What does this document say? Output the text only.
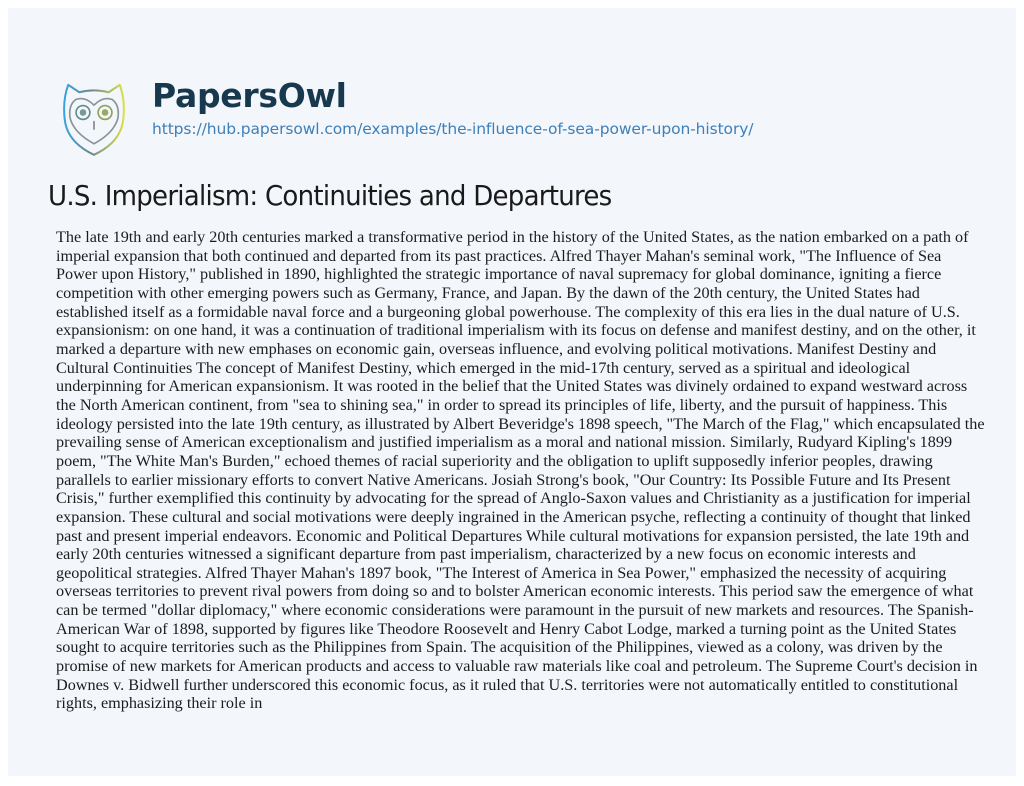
PapersOwl
https://hub.papersowl.com/examples/the-influence-of-sea-power-upon-history/
U.S. Imperialism: Continuities and Departures

The late 19th and early 20th centuries marked a transformative period in the history of the United States, as the nation embarked on a path of imperial expansion that both continued and departed from its past practices. Alfred Thayer Mahan's seminal work, "The Influence of Sea Power upon History," published in 1890, highlighted the strategic importance of naval supremacy for global dominance, igniting a fierce competition with other emerging powers such as Germany, France, and Japan. By the dawn of the 20th century, the United States had established itself as a formidable naval force and a burgeoning global powerhouse. The complexity of this era lies in the dual nature of U.S. expansionism: on one hand, it was a continuation of traditional imperialism with its focus on defense and manifest destiny, and on the other, it marked a departure with new emphases on economic gain, overseas influence, and evolving political motivations. Manifest Destiny and Cultural Continuities The concept of Manifest Destiny, which emerged in the mid-17th century, served as a spiritual and ideological underpinning for American expansionism. It was rooted in the belief that the United States was divinely ordained to expand westward across the North American continent, from "sea to shining sea," in order to spread its principles of life, liberty, and the pursuit of happiness. This ideology persisted into the late 19th century, as illustrated by Albert Beveridge's 1898 speech, "The March of the Flag," which encapsulated the prevailing sense of American exceptionalism and justified imperialism as a moral and national mission. Similarly, Rudyard Kipling's 1899 poem, "The White Man's Burden," echoed themes of racial superiority and the obligation to uplift supposedly inferior peoples, drawing parallels to earlier missionary efforts to convert Native Americans. Josiah Strong's book, "Our Country: Its Possible Future and Its Present Crisis," further exemplified this continuity by advocating for the spread of Anglo-Saxon values and Christianity as a justification for imperial expansion. These cultural and social motivations were deeply ingrained in the American psyche, reflecting a continuity of thought that linked past and present imperial endeavors. Economic and Political Departures While cultural motivations for expansion persisted, the late 19th and early 20th centuries witnessed a significant departure from past imperialism, characterized by a new focus on economic interests and geopolitical strategies. Alfred Thayer Mahan's 1897 book, "The Interest of America in Sea Power," emphasized the necessity of acquiring overseas territories to prevent rival powers from doing so and to bolster American economic interests. This period saw the emergence of what can be termed "dollar diplomacy," where economic considerations were paramount in the pursuit of new markets and resources. The Spanish-American War of 1898, supported by figures like Theodore Roosevelt and Henry Cabot Lodge, marked a turning point as the United States sought to acquire territories such as the Philippines from Spain. The acquisition of the Philippines, viewed as a colony, was driven by the promise of new markets for American products and access to valuable raw materials like coal and petroleum. The Supreme Court's decision in Downes v. Bidwell further underscored this economic focus, as it ruled that U.S. territories were not automatically entitled to constitutional rights, emphasizing their role in
